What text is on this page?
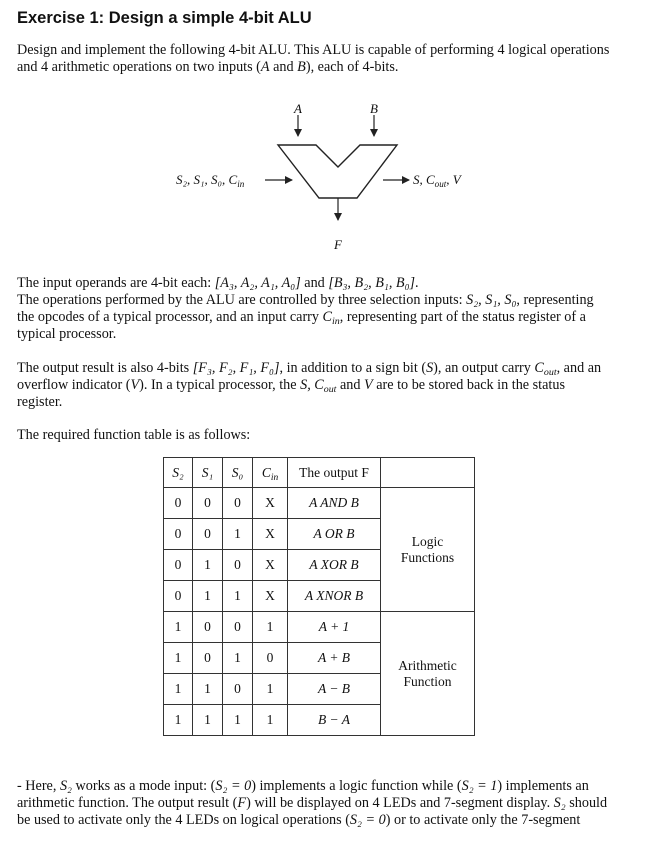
Exercise 1: Design a simple 4-bit ALU
Design and implement the following 4-bit ALU. This ALU is capable of performing 4 logical operations
and 4 arithmetic operations on two inputs (A and B), each of 4-bits.
A	B
S₂, S₁, S₀, $C_{in}$	S, $C_{out}$, V
F
The input operands are 4-bit each: [A₃, A₂, A₁, A₀] and [B₃, B₂, B₁, B₀].
The operations performed by the ALU are controlled by three selection inputs: S₂, S₁, S₀, representing
the opcodes of a typical processor, and an input carry $C_{in}$, representing part of the status register of a
typical processor.
The output result is also 4-bits [F₃, F₂, F₁, F₀], in addition to a sign bit (S), an output carry $C_{out}$, and an
overflow indicator (V). In a typical processor, the S, $C_{out}$ and V are to be stored back in the status
register.
The required function table is as follows:
S₂	S₁	S₀	$C_{in}$	The output F	
0	0	0	X	A AND B	Logic
Functions

0	0	1	X	A OR B	
0	1	0	X	A XOR B	
0	1	1	X	A XNOR B	
1	0	0	1	A + 1	Arithmetic
Function

1	0	1	0	A + B	
1	1	0	1	A − B	
1	1	1	1	B − A	
- Here, S₂ works as a mode input: (S₂ = 0) implements a logic function while (S₂ = 1) implements an
arithmetic function. The output result (F) will be displayed on 4 LEDs and 7-segment display. S₂ should
be used to activate only the 4 LEDs on logical operations (S₂ = 0) or to activate only the 7-segment
